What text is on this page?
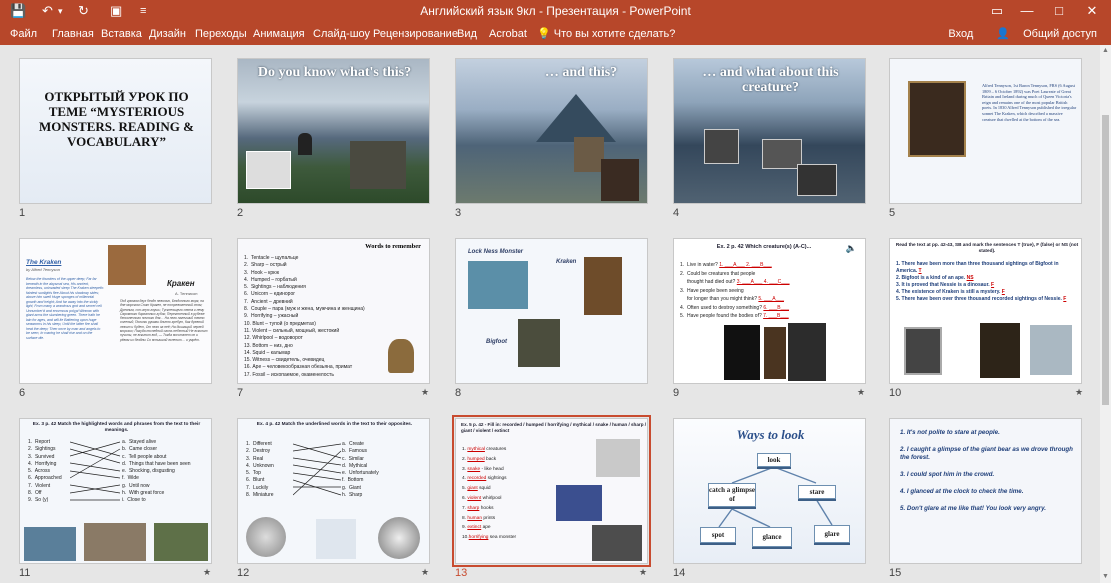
💾 ↶ ▾ ↻ ▣ ≡	Английский язык 9кл - Презентация - PowerPoint	▭	—	□	✕
Файл Главная Вставка Дизайн Переходы Анимация Слайд-шоу Рецензирование Вид Acrobat 💡 Что вы хотите сделать?	Вход 👤 Общий доступ
ОТКРЫТЫЙ УРОК ПО ТЕМЕ “MYSTERIOUS MONSTERS. READING & VOCABULARY”
1
Do you know what's this?
2
… and this?
3
… and what about this creature?
4
Alfred Tennyson, 1st Baron Tennyson, FRS (6 August 1809 – 6 October 1892) was Poet Laureate of Great Britain and Ireland during much of Queen Victoria's reign and remains one of the most popular British poets. In 1830 Alfred Tennyson published the irregular sonnet The Kraken, which described a massive creature that dwelled at the bottom of the sea.
5
The Kraken
by Alfred Tennyson
Below the thunders of the upper deep; Far far beneath in the abysmal sea, His ancient, dreamless, uninvaded sleep The Kraken sleepeth: faintest sunlights flee About his shadowy sides; above him swell Huge sponges of millennial growth and height; And far away into the sickly light, From many a wondrous grot and secret cell Unnumber'd and enormous polypi Winnow with giant arms the slumbering green. There hath he lain for ages, and will lie Battening upon huge seaworms in his sleep, Until the latter fire shall heat the deep; Then once by man and angels to be seen, In roaring he shall rise and on the surface die.
Кракен
А. Теннисон
Под громом двух бездн неволью, Бездонного моря, на дне морском Спит Кракен, не потревоженный сном; Древним, сон иную глушь; Тускнеющего света к нему Огромного бархатных губок; Перегноенный в рубеже бесконечного ночного дня… На него налегший темно соленый; Полипы руками длинно гребут, Как древний лежит и будет, От него за неё; На дышащий червей морских; Покуда последний огонь небесный Не вскипит пучины, не вскипит вод, — Тогда восстанет он и рёвом из бездны Со вспышкой вспенит… и умрёт.
6
Words to remember
1.  Tentacle – щупальце
2.  Sharp – острый
3.  Hook – крюк
4.  Humped – горбатый
5.  Sightings – наблюдения
6.  Unicorn – единорог
7.  Ancient – древний
8.  Couple – пара (муж и жена, мужчина и женщина)
9.  Horrifying – ужасный
10. Blunt – тупой (о предметах)
11. Violent – сильный, мощный, жестокий
12. Whirlpool – водоворот
13. Bottom – низ, дно
14. Squid – кальмар
15. Witness – свидетель, очевидец
16. Ape – человекообразная обезьяна, примат
17. Fossil – ископаемое, окаменелость
7	★
Lock Ness Monster
Kraken
Bigfoot
8
Ex. 2 p. 42 Which creature(s) (A-C)...	🔈
1.  Live in water? 1. ___A___ 2. ___B___
2.  Could be creatures that people
thought had died out? 3. ___A___ 4. ___C___
3.  Have people been seeing
for longer than you might think? 5. ___A___
4.  Often used to destroy something? 6. ___B___
5.  Have people found the bodies of? 7. ___B___
9	★
Read the text at pp. 42-43, SB and mark the sentences T (true), F (false) or NS (not stated).
1. There have been more than three thousand sightings of Bigfoot in America. T
2. Bigfoot is a kind of an ape. NS
3. It is proved that Nessie is a dinosaur. F
4. The existence of Kraken is still a mystery. F
5. There have been over three thousand recorded sightings of Nessie. F
10	★
Ex. 3 p. 42 Match the highlighted words and phrases from the text to their meanings.
1.  Report
2.  Sightings
3.  Survived
4.  Horrifying
5.  Across
6.  Approached
7.  Violent
8.  Off
9.  So (y)
a.  Stayed alive
b.  Came closer
c.  Tell people about
d.  Things that have been seen
e.  Shocking, disgusting
f.  Wide
g.  Until now
h.  With great force
i.  Close to
11	★
Ex. 4 p. 42 Match the underlined words in the text to their opposites.
1.  Different
2.  Destroy
3.  Real
4.  Unknown
5.  Top
6.  Blunt
7.  Luckily
8.  Miniature
a.  Create
b.  Famous
c.  Similar
d.  Mythical
e.  Unfortunately
f.  Bottom
g.  Giant
h.  Sharp
12	★
Ex. 5 p. 42 - Fill in: recorded / humped / horrifying / mythical / snake / human / sharp / giant / violent / extinct
1. mythical creatures
2. humped back
3. snake - like head
4. recorded sightings
5. giant squid
6. violent whirlpool
7. sharp hooks
8. human prints
9. extinct ape
10.horrifying sea monster
13	★
Ways to look
look
catch a glimpse of
stare
spot	glance	glare
14
1. It's not polite to stare at people.
2. I caught a glimpse of the giant bear as we drove through the forest.
3. I could spot him in the crowd.
4. I glanced at the clock to check the time.
5. Don't glare at me like that! You look very angry.
15
▲
▼
